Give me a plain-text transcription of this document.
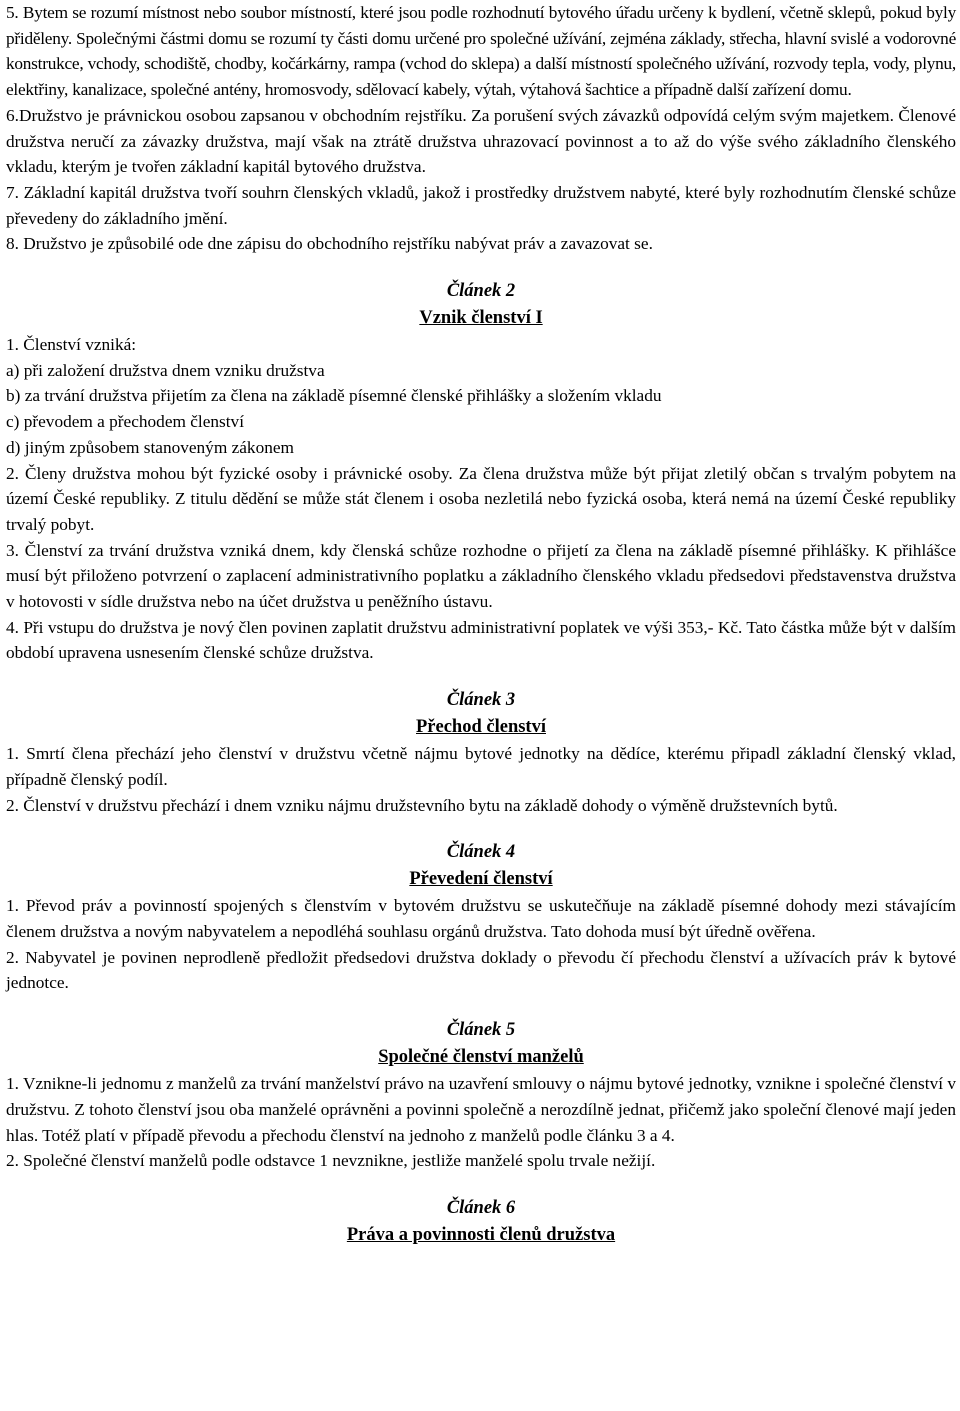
5. Bytem se rozumí místnost nebo soubor místností, které jsou podle rozhodnutí bytového úřadu určeny k bydlení, včetně sklepů, pokud byly přiděleny. Společnými částmi domu se rozumí ty části domu určené pro společné užívání, zejména základy, střecha, hlavní svislé a vodorovné konstrukce, vchody, schodiště, chodby, kočárkárny, rampa (vchod do sklepa) a další místností společného užívání, rozvody tepla, vody, plynu, elektřiny, kanalizace, společné antény, hromosvody, sdělovací kabely, výtah, výtahová šachtice a případně další zařízení domu.

6.Družstvo je právnickou osobou zapsanou v obchodním rejstříku. Za porušení svých závazků odpovídá celým svým majetkem. Členové družstva neručí za závazky družstva, mají však na ztrátě družstva uhrazovací povinnost a to až do výše svého základního členského vkladu, kterým je tvořen základní kapitál bytového družstva.

7. Základní kapitál družstva tvoří souhrn členských vkladů, jakož i prostředky družstvem nabyté, které byly rozhodnutím členské schůze převedeny do základního jmění.

8. Družstvo je způsobilé ode dne zápisu do obchodního rejstříku nabývat práv a zavazovat se.

Článek 2

Vznik členství I

1. Členství vzniká:

a) při založení družstva dnem vzniku družstva

b) za trvání družstva přijetím za člena na základě písemné členské přihlášky a složením vkladu

c) převodem a přechodem členství

d) jiným způsobem stanoveným zákonem

2. Členy družstva mohou být fyzické osoby i právnické osoby. Za člena družstva může být přijat zletilý občan s trvalým pobytem na území České republiky. Z titulu dědění se může stát členem i osoba nezletilá nebo fyzická osoba, která nemá na území České republiky trvalý pobyt.

3. Členství za trvání družstva vzniká dnem, kdy členská schůze rozhodne o přijetí za člena na základě písemné přihlášky. K přihlášce musí být přiloženo potvrzení o zaplacení administrativního poplatku a základního členského vkladu předsedovi představenstva družstva v hotovosti v sídle družstva nebo na účet družstva u peněžního ústavu.

4. Při vstupu do družstva je nový člen povinen zaplatit družstvu administrativní poplatek ve výši 353,- Kč. Tato částka může být v dalším období upravena usnesením členské schůze družstva.

Článek 3

Přechod členství

1. Smrtí člena přechází jeho členství v družstvu včetně nájmu bytové jednotky na dědíce, kterému připadl základní členský vklad, případně členský podíl.

2. Členství v družstvu přechází i dnem vzniku nájmu družstevního bytu na základě dohody o výměně družstevních bytů.

Článek 4

Převedení členství

1. Převod práv a povinností spojených s členstvím v bytovém družstvu se uskutečňuje na základě písemné dohody mezi stávajícím členem družstva a novým nabyvatelem a nepodléhá souhlasu orgánů družstva. Tato dohoda musí být úředně ověřena.

2. Nabyvatel je povinen neprodleně předložit předsedovi družstva doklady o převodu čí přechodu členství a užívacích práv k bytové jednotce.

Článek 5

Společné členství manželů

1. Vznikne-li jednomu z manželů za trvání manželství právo na uzavření smlouvy o nájmu bytové jednotky, vznikne i společné členství v družstvu. Z tohoto členství jsou oba manželé oprávněni a povinni společně a nerozdílně jednat, přičemž jako společní členové mají jeden hlas. Totéž platí v případě převodu a přechodu členství na jednoho z manželů podle článku 3 a 4.

2. Společné členství manželů podle odstavce 1 nevznikne, jestliže manželé spolu trvale nežijí.

Článek 6

Práva a povinnosti členů družstva
